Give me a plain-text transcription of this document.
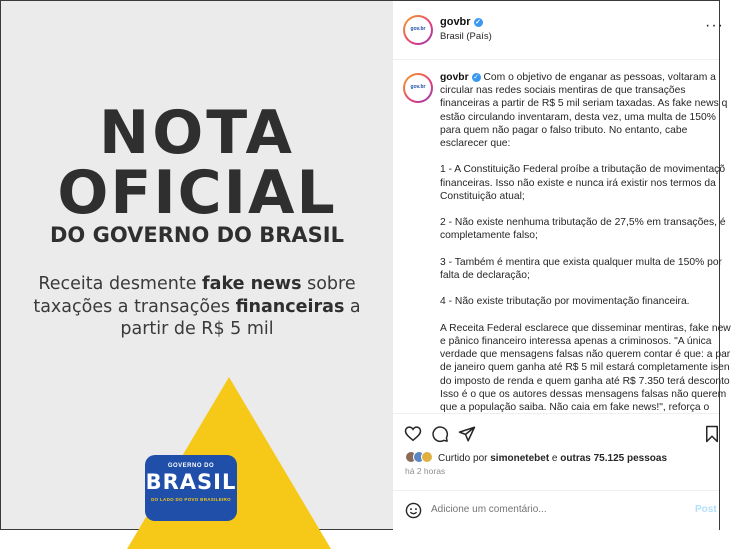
NOTA
OFICIAL
DO GOVERNO DO BRASIL
Receita desmente fake news sobre taxações a transações financeiras a partir de R$ 5 mil
GOVERNO DO
BRASIL
DO LADO DO POVO BRASILEIRO
gov.br
govbr ✓
Brasil (País)
···
gov.br

govbr ✓ Com o objetivo de enganar as pessoas, voltaram a
circular nas redes sociais mentiras de que transações
financeiras a partir de R$ 5 mil seriam taxadas. As fake news q
estão circulando inventaram, desta vez, uma multa de 150%
para quem não pagar o falso tributo. No entanto, cabe
esclarecer que:

1 - A Constituição Federal proíbe a tributação de movimentaçõ
financeiras. Isso não existe e nunca irá existir nos termos da
Constituição atual;

2 - Não existe nenhuma tributação de 27,5% em transações, é
completamente falso;

3 - Também é mentira que exista qualquer multa de 150% por
falta de declaração;

4 - Não existe tributação por movimentação financeira.

A Receita Federal esclarece que disseminar mentiras, fake new
e pânico financeiro interessa apenas a criminosos. "A única
verdade que mensagens falsas não querem contar é que: a par
de janeiro quem ganha até R$ 5 mil estará completamente isen
do imposto de renda e quem ganha até R$ 7.350 terá desconto
Isso é o que os autores dessas mensagens falsas não querem
que a população saiba. Não caia em fake news!", reforça o

Curtido por simonetebet e outras 75.125 pessoas
há 2 horas
Adicione um comentário...
Post
